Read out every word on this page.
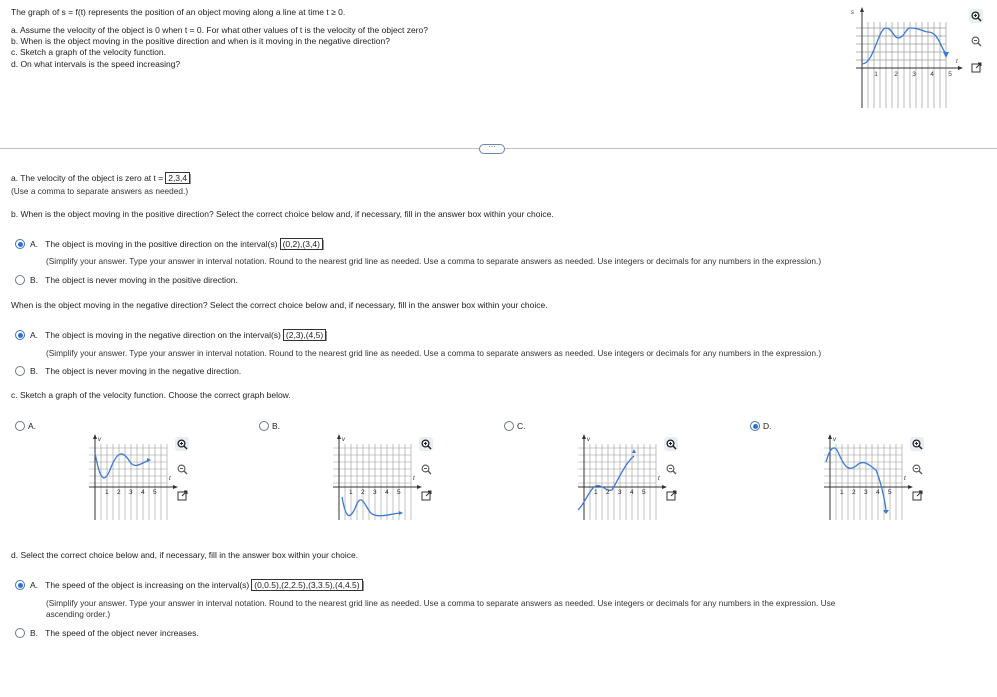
The graph of s = f(t) represents the position of an object moving along a line at time t ≥ 0.
a. Assume the velocity of the object is 0 when t = 0. For what other values of t is the velocity of the object zero?
b. When is the object moving in the positive direction and when is it moving in the negative direction?
c. Sketch a graph of the velocity function.
d. On what intervals is the speed increasing?
s
t
1	2 3 4 5
⋯
a. The velocity of the object is zero at t = 2,3,4
(Use a comma to separate answers as needed.)
b. When is the object moving in the positive direction? Select the correct choice below and, if necessary, fill in the answer box within your choice.
A. The object is moving in the positive direction on the interval(s) (0,2),(3,4)
(Simplify your answer. Type your answer in interval notation. Round to the nearest grid line as needed. Use a comma to separate answers as needed. Use integers or decimals for any numbers in the expression.)
B. The object is never moving in the positive direction.
When is the object moving in the negative direction? Select the correct choice below and, if necessary, fill in the answer box within your choice.
A. The object is moving in the negative direction on the interval(s) (2,3),(4,5)
(Simplify your answer. Type your answer in interval notation. Round to the nearest grid line as needed. Use a comma to separate answers as needed. Use integers or decimals for any numbers in the expression.)
B. The object is never moving in the negative direction.
c. Sketch a graph of the velocity function. Choose the correct graph below.
A.
v
t
1 2 3 4 5
B.
v
t
1 2 3 4 5
C.
v
t
1 2 3 4 5
D.
v
t
1 2 3 4 5
d. Select the correct choice below and, if necessary, fill in the answer box within your choice.
A. The speed of the object is increasing on the interval(s) (0,0.5),(2,2.5),(3,3.5),(4,4.5)
(Simplify your answer. Type your answer in interval notation. Round to the nearest grid line as needed. Use a comma to separate answers as needed. Use integers or decimals for any numbers in the expression. Use
ascending order.)
B. The speed of the object never increases.
